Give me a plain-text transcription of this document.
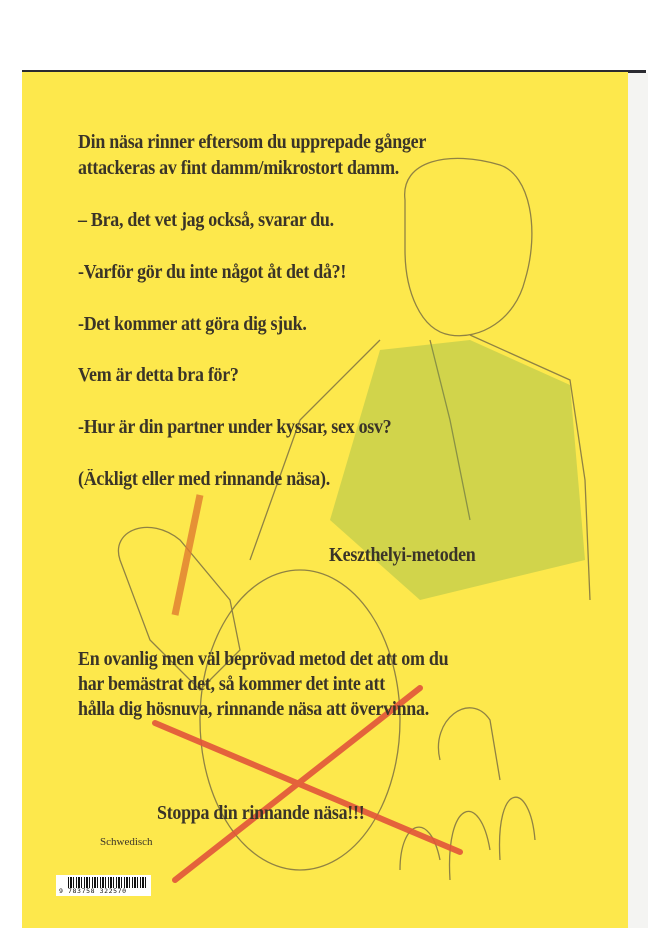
Din näsa rinner eftersom du upprepade gånger
attackeras av fint damm/mikrostort damm.
– Bra, det vet jag också, svarar du.
-Varför gör du inte något åt det då?!
-Det kommer att göra dig sjuk.
Vem är detta bra för?
-Hur är din partner under kyssar, sex osv?
(Äckligt eller med rinnande näsa).
Keszthelyi-metoden
En ovanlig men väl beprövad metod det att om du
har bemästrat det, så kommer det inte att
hålla dig hösnuva, rinnande näsa att övervinna.
Stoppa din rinnande näsa!!!
Schwedisch
9 783758 322570
